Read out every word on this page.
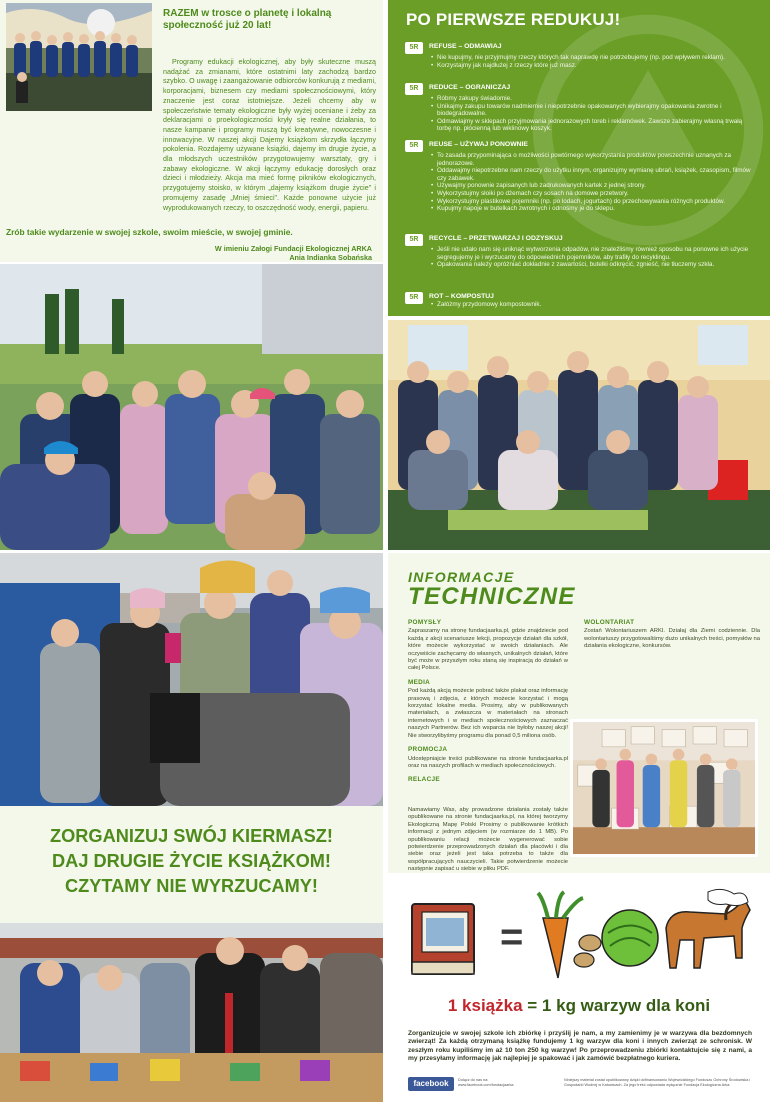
RAZEM w trosce o planetę i lokalną społeczność już 20 lat!

Programy edukacji ekologicznej, aby były skuteczne muszą nadążać za zmianami, które ostatnimi laty zachodzą bardzo szybko. O uwagę i zaangażowanie odbiorców konkurują z mediami, korporacjami, biznesem czy mediami społecznościowymi, który znaczenie jest coraz istotniejsze. Jeżeli chcemy aby w społeczeństwie tematy ekologiczne były wyżej oceniane i żeby za deklaracjami o proekologiczności kryły się realne działania, to nasze kampanie i programy muszą być kreatywne, nowoczesne i innowacyjne. W naszej akcji Dajemy książkom skrzydła łączymy pokolenia. Rozdajemy używane książki, dajemy im drugie życie, a dla młodszych uczestników przygotowujemy warsztaty, gry i zabawy ekologiczne. W akcji łączymy edukację dorosłych oraz dzieci i młodzieży. Akcja ma mieć formę pikników ekologicznych, przygotujemy stoisko, w którym „dajemy książkom drugie życie" i promujemy zasadę „Mniej śmieci". Każde ponowne użycie już wyprodukowanych rzeczy, to oszczędność wody, energii, papieru.

Zrób takie wydarzenie w swojej szkole, swoim mieście, w swojej gminie.
W imieniu Załogi Fundacji Ekologicznej ARKA
Ania Indianka Sobańska
PO PIERWSZE REDUKUJ!
5R	REFUSE – ODMAWIAJ
• Nie kupujmy, nie przyjmujmy rzeczy których tak naprawdę nie potrzebujemy (np. pod wpływem reklam).
• Korzystajmy jak najdłużej z rzeczy które już masz.
5R	REDUCE – OGRANICZAJ
• Róbmy zakupy świadomie.
• Unikajmy zakupu towarów nadmiernie i niepotrzebnie opakowanych wybierajmy opakowania zwrotne i biodegradowalne.
• Odmawiajmy w sklepach przyjmowania jednorazowych toreb i reklamówek. Zawsze zabierajmy własną trwałą torbę np. płócienną lub wiklinowy koszyk.
5R	REUSE – UŻYWAJ PONOWNIE
• To zasada przypominająca o możliwości powtórnego wykorzystania produktów powszechnie uznanych za jednorazowe.
• Oddawajmy niepotrzebne nam rzeczy do użytku innym, organizujmy wymianę ubrań, książek, czasopism, filmów czy zabawek.
• Używajmy ponownie zapisanych lub zadrukowanych kartek z jednej strony.
• Wykorzystujmy słoiki po dżemach czy sosach na domowe przetwory.
• Wykorzystujmy plastikowe pojemniki (np. po lodach, jogurtach) do przechowywania różnych produktów.
• Kupujmy napoje w butelkach zwrotnych i odnośmy je do sklepu.
5R	RECYCLE – PRZETWARZAJ I ODZYSKUJ
• Jeśli nie udało nam się uniknąć wytworzenia odpadów, nie znaleźliśmy również sposobu na ponowne ich użycie segregujemy je i wyrzucamy do odpowiednich pojemników, aby trafiły do recyklingu.
• Opakowania należy opróżniać dokładnie z zawartości, butelki odkręcić, zgnieść, nie tłuczemy szkła.
5R	ROT – KOMPOSTUJ
• Załóżmy przydomowy kompostownik.
INFORMACJE
TECHNICZNE
POMYSŁY

Zapraszamy na stronę fundacjaarka.pl, gdzie znajdziecie pod każdą z akcji scenariusze lekcji, propozycje działań dla szkół, które możecie wykorzystać w swoich działaniach. Ale oczywiście zachęcamy do własnych, unikalnych działań, które być może w przyszłym roku staną się inspiracją do działań w całej Polsce.

MEDIA

Pod każdą akcją możecie pobrać także plakat oraz informację prasową i zdjęcia, z których możecie korzystać i mogą korzystać lokalne media. Prosimy, aby w publikowanych materiałach, a zwłaszcza w materiałach na stronach internetowych i w mediach społecznościowych zaznaczać naszych Partnerów. Bez ich wsparcia nie byłoby naszej akcji! Nie stworzylibyśmy programu dla ponad 0,5 miliona osób.

PROMOCJA

Udostępniajcie treści publikowane na stronie fundacjaarka.pl oraz na naszych profilach w mediach społecznościowych.

RELACJE

Namawiamy Was, aby prowadzone działania zostały także opublikowane na stronie fundacjaarka.pl, na której tworzymy Ekologiczną Mapę Polski Prosimy o publikowanie krótkich informacji z jednym zdjęciem (w rozmiarze do 1 MB). Po opublikowaniu relacji możecie wygenerować sobie potwierdzenie przeprowadzonych działań dla placówki i dla siebie oraz jeżeli jest taka potrzeba to także dla współpracujących nauczycieli. Takie potwierdzenie możecie następnie zapisać u siebie w pliku PDF.

WOLONTARIAT

Zostań Wolontariuszem ARKI. Działaj dla Ziemi codziennie. Dla wolontariuszy przygotowaliśmy dużo unikalnych treści, pomysłów na działania ekologiczne, konkursów.

ZORGANIZUJ SWÓJ KIERMASZ!
DAJ DRUGIE ŻYCIE KSIĄŻKOM!
CZYTAMY NIE WYRZUCAMY!
=
1 książka = 1 kg warzyw dla koni
Zorganizujcie w swojej szkole ich zbiórkę i przyślij je nam, a my zamienimy je w warzywa dla bezdomnych zwierząt! Za każdą otrzymaną książkę fundujemy 1 kg warzyw dla koni i innych zwierząt ze schronisk. W zeszłym roku kupiliśmy im aż 10 ton 250 kg warzyw! Po przeprowadzeniu zbiórki kontaktujcie się z nami, a my przesyłamy informację jak najlepiej je spakować i jak zamówić bezpłatnego kuriera.
facebook	Dołącz do nas na: www.facebook.com/fundacjaarka
Niniejszy materiał został opublikowany dzięki dofinansowaniu Wojewódzkiego Funduszu Ochrony Środowiska i Gospodarki Wodnej w Katowicach. Za jego treść odpowiada wyłącznie Fundacja Ekologiczna Arka.
